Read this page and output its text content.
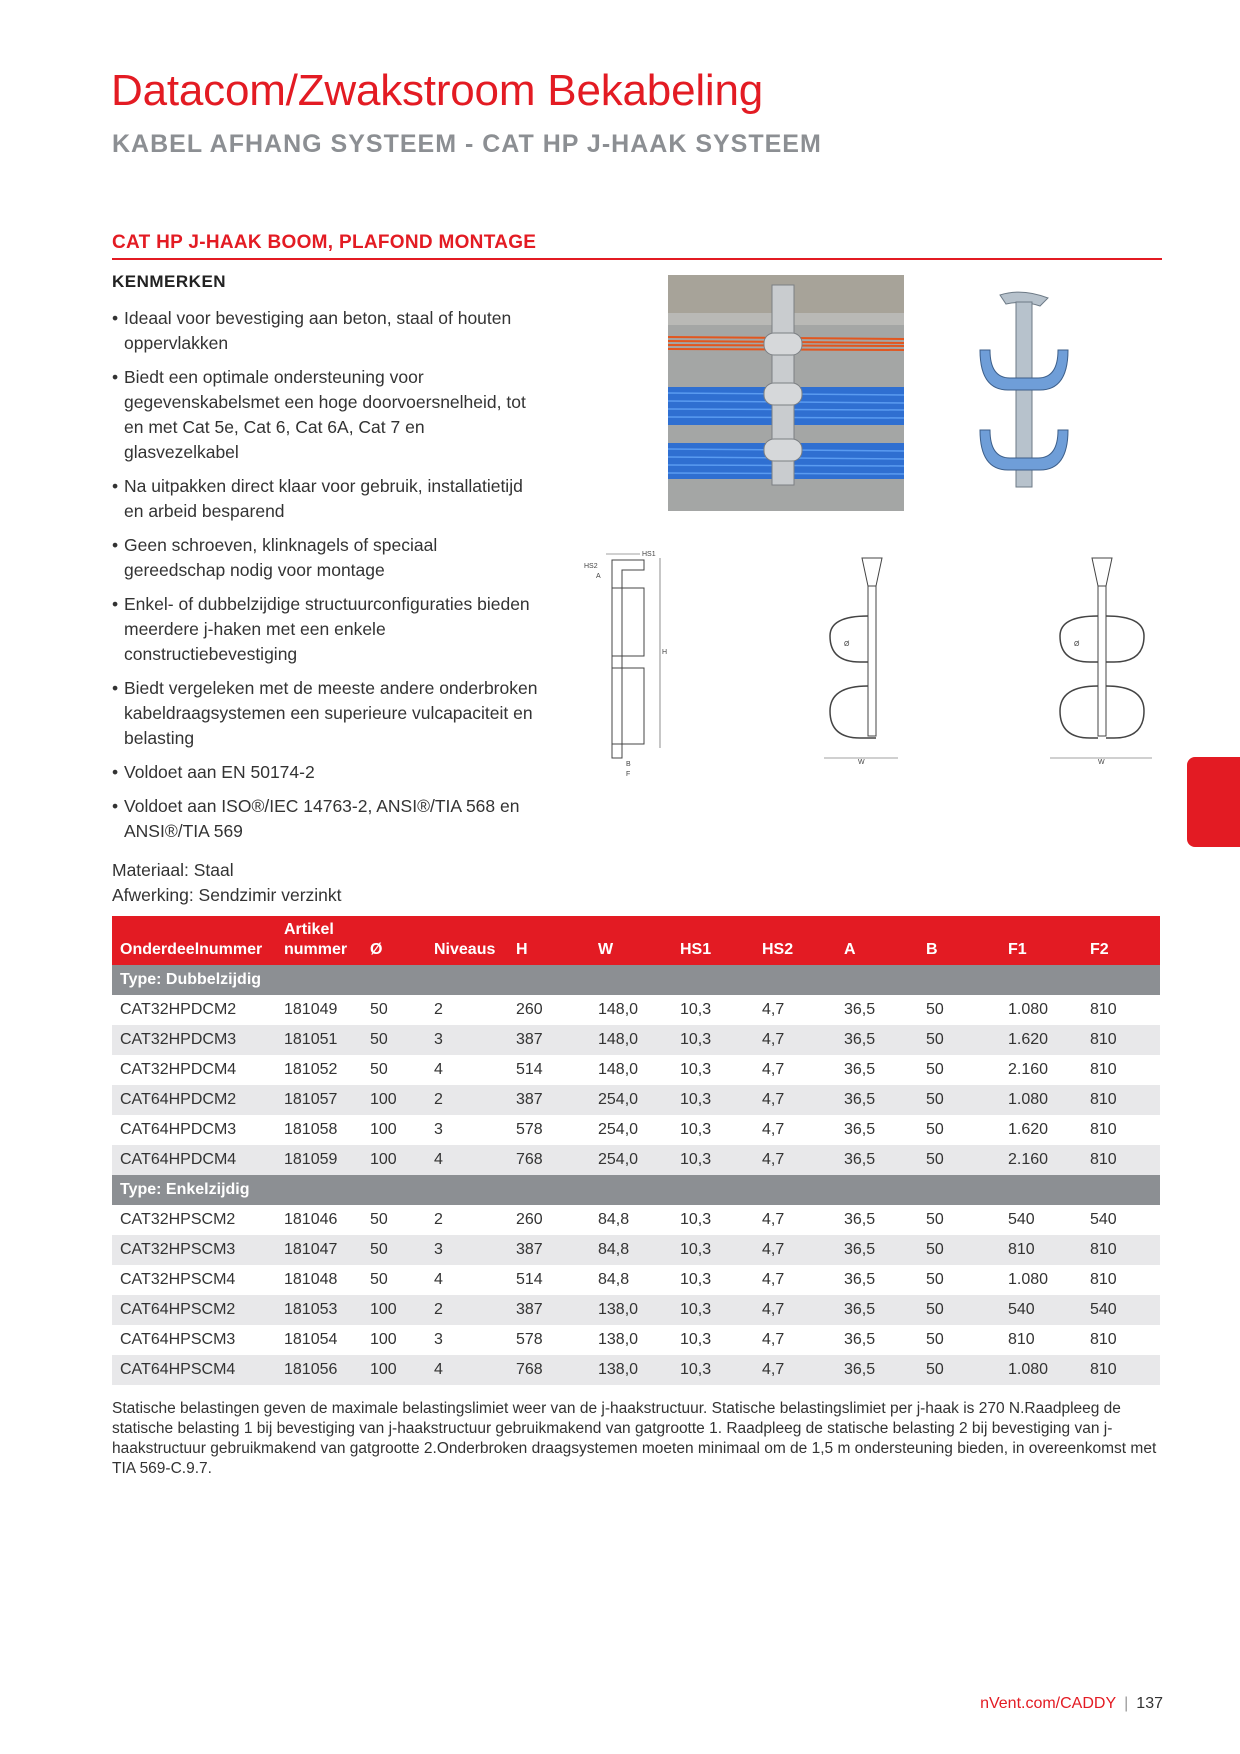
Datacom/Zwakstroom Bekabeling
KABEL AFHANG SYSTEEM - CAT HP J-HAAK SYSTEEM
CAT HP J-HAAK BOOM, PLAFOND MONTAGE
KENMERKEN
• Ideaal voor bevestiging aan beton, staal of houten oppervlakken
• Biedt een optimale ondersteuning voor gegevenskabelsmet een hoge doorvoersnelheid, tot en met Cat 5e, Cat 6, Cat 6A, Cat 7 en glasvezelkabel
• Na uitpakken direct klaar voor gebruik, installatietijd en arbeid besparend
• Geen schroeven, klinknagels of speciaal gereedschap nodig voor montage
• Enkel- of dubbelzijdige structuurconfiguraties bieden meerdere j-haken met een enkele constructiebevestiging
• Biedt vergeleken met de meeste andere onderbroken kabeldraagsystemen een superieure vulcapaciteit en belasting
• Voldoet aan EN 50174-2
• Voldoet aan ISO®/IEC 14763-2, ANSI®/TIA 568 en ANSI®/TIA 569
Materiaal: Staal
Afwerking: Sendzimir verzinkt
HS1
HS2
A
H
B
F
Ø
W
Ø
W
Onderdeelnummer	Artikel nummer	Ø	Niveaus	H	W	HS1	HS2	A	B	F1	F2
Type: Dubbelzijdig											
CAT32HPDCM2	181049	50	2	260	148,0	10,3	4,7	36,5	50	1.080	810
CAT32HPDCM3	181051	50	3	387	148,0	10,3	4,7	36,5	50	1.620	810
CAT32HPDCM4	181052	50	4	514	148,0	10,3	4,7	36,5	50	2.160	810
CAT64HPDCM2	181057	100	2	387	254,0	10,3	4,7	36,5	50	1.080	810
CAT64HPDCM3	181058	100	3	578	254,0	10,3	4,7	36,5	50	1.620	810
CAT64HPDCM4	181059	100	4	768	254,0	10,3	4,7	36,5	50	2.160	810
Type: Enkelzijdig											
CAT32HPSCM2	181046	50	2	260	84,8	10,3	4,7	36,5	50	540	540
CAT32HPSCM3	181047	50	3	387	84,8	10,3	4,7	36,5	50	810	810
CAT32HPSCM4	181048	50	4	514	84,8	10,3	4,7	36,5	50	1.080	810
CAT64HPSCM2	181053	100	2	387	138,0	10,3	4,7	36,5	50	540	540
CAT64HPSCM3	181054	100	3	578	138,0	10,3	4,7	36,5	50	810	810
CAT64HPSCM4	181056	100	4	768	138,0	10,3	4,7	36,5	50	1.080	810
Statische belastingen geven de maximale belastingslimiet weer van de j-haakstructuur. Statische belastingslimiet per j-haak is 270 N.Raadpleeg de statische belasting 1 bij bevestiging van j-haakstructuur gebruikmakend van gatgrootte 1. Raadpleeg de statische belasting 2 bij bevestiging van j-haakstructuur gebruikmakend van gatgrootte 2.Onderbroken draagsystemen moeten minimaal om de 1,5 m ondersteuning bieden, in overeenkomst met TIA 569-C.9.7.
nVent.com/CADDY | 137
